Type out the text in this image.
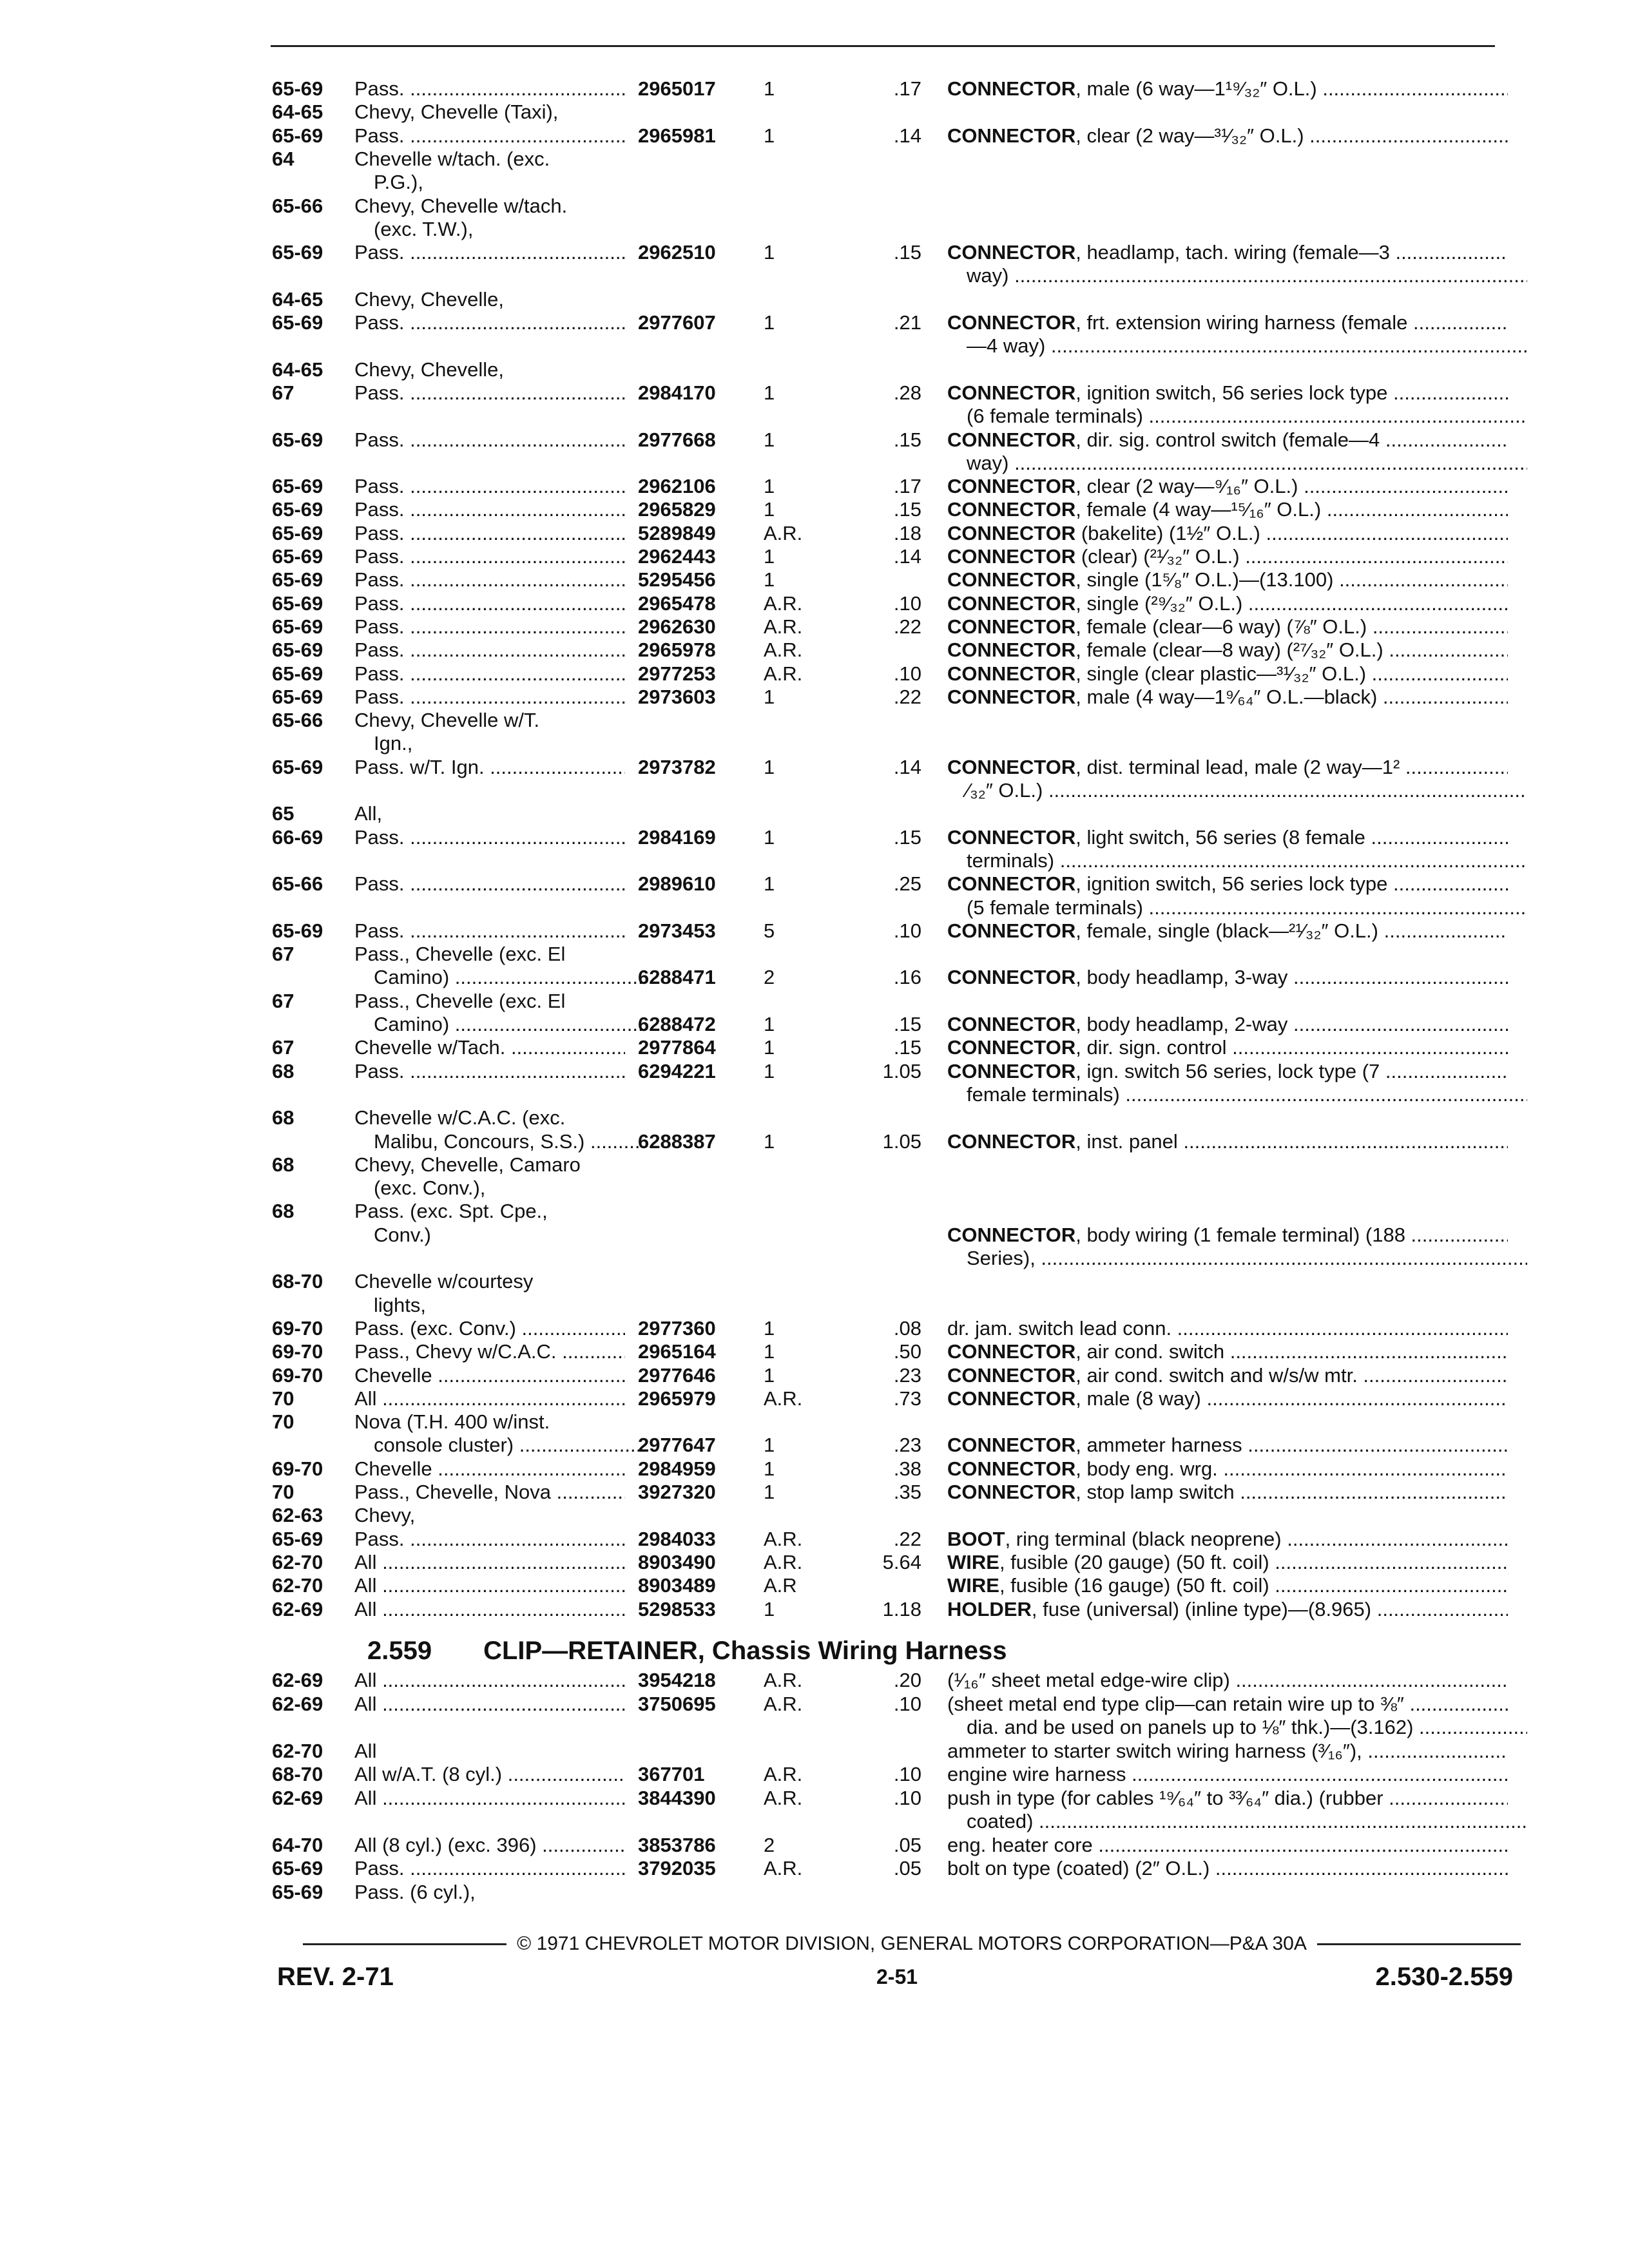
65-69	Pass. .....	2965017	1	.17 CONNECTOR, male (6 way—1¹⁹⁄₃₂″ O.L.) .....
64-65	Chevy, Chevelle (Taxi),
65-69	Pass. .....	2965981	1	.14 CONNECTOR, clear (2 way—³¹⁄₃₂″ O.L.) .....
64	Chevelle w/tach. (exc.
P.G.),
65-66	Chevy, Chevelle w/tach.
(exc. T.W.),
65-69	Pass. .....	2962510	1	.15 CONNECTOR, headlamp, tach. wiring (female—3 .....
way) .....
64-65	Chevy, Chevelle,
65-69	Pass. .....	2977607	1	.21 CONNECTOR, frt. extension wiring harness (female .....
—4 way) .....
64-65	Chevy, Chevelle,
67	Pass. .....	2984170	1	.28 CONNECTOR, ignition switch, 56 series lock type .....
(6 female terminals) .....
65-69	Pass. .....	2977668	1	.15 CONNECTOR, dir. sig. control switch (female—4 .....
way) .....
65-69	Pass. .....	2962106	1	.17 CONNECTOR, clear (2 way—⁹⁄₁₆″ O.L.) .....
65-69	Pass. .....	2965829	1	.15 CONNECTOR, female (4 way—¹⁵⁄₁₆″ O.L.) .....
65-69	Pass. .....	5289849	A.R.	.18 CONNECTOR (bakelite) (1½″ O.L.) .....
65-69	Pass. .....	2962443	1	.14 CONNECTOR (clear) (²¹⁄₃₂″ O.L.) .....
65-69	Pass. .....	5295456	1	CONNECTOR, single (1⁵⁄₈″ O.L.)—(13.100) .....
65-69	Pass. .....	2965478	A.R.	.10 CONNECTOR, single (²⁹⁄₃₂″ O.L.) .....
65-69	Pass. .....	2962630	A.R.	.22 CONNECTOR, female (clear—6 way) (⅞″ O.L.) .....
65-69	Pass. .....	2965978	A.R.	CONNECTOR, female (clear—8 way) (²⁷⁄₃₂″ O.L.) .....
65-69	Pass. .....	2977253	A.R.	.10 CONNECTOR, single (clear plastic—³¹⁄₃₂″ O.L.) .....
65-69	Pass. .....	2973603	1	.22 CONNECTOR, male (4 way—1⁹⁄₆₄″ O.L.—black) .....
65-66	Chevy, Chevelle w/T.
Ign.,
65-69	Pass. w/T. Ign. .....	2973782	1	.14 CONNECTOR, dist. terminal lead, male (2 way—1² .....
⁄₃₂″ O.L.) .....
65	All,
66-69	Pass. .....	2984169	1	.15 CONNECTOR, light switch, 56 series (8 female .....
terminals) .....
65-66	Pass. .....	2989610	1	.25 CONNECTOR, ignition switch, 56 series lock type .....
(5 female terminals) .....
65-69	Pass. .....	2973453	5	.10 CONNECTOR, female, single (black—²¹⁄₃₂″ O.L.) .....
67	Pass., Chevelle (exc. El
Camino) .....	6288471	2	.16 CONNECTOR, body headlamp, 3-way .....
67	Pass., Chevelle (exc. El
Camino) .....	6288472	1	.15 CONNECTOR, body headlamp, 2-way .....
67	Chevelle w/Tach. .....	2977864	1	.15 CONNECTOR, dir. sign. control .....
68	Pass. .....	6294221	1	1.05 CONNECTOR, ign. switch 56 series, lock type (7 .....
female terminals) .....
68	Chevelle w/C.A.C. (exc.
Malibu, Concours, S.S.) .....	6288387	1	1.05 CONNECTOR, inst. panel .....
68	Chevy, Chevelle, Camaro
(exc. Conv.),
68	Pass. (exc. Spt. Cpe.,
Conv.)	CONNECTOR, body wiring (1 female terminal) (188 .....
Series), .....
68-70	Chevelle w/courtesy
lights,
69-70	Pass. (exc. Conv.) .....	2977360	1	.08 dr. jam. switch lead conn. .....
69-70	Pass., Chevy w/C.A.C. .....	2965164	1	.50 CONNECTOR, air cond. switch .....
69-70	Chevelle .....	2977646	1	.23 CONNECTOR, air cond. switch and w/s/w mtr. .....
70	All .....	2965979	A.R.	.73 CONNECTOR, male (8 way) .....
70	Nova (T.H. 400 w/inst.
console cluster) .....	2977647	1	.23 CONNECTOR, ammeter harness .....
69-70	Chevelle .....	2984959	1	.38 CONNECTOR, body eng. wrg. .....
70	Pass., Chevelle, Nova .....	3927320	1	.35 CONNECTOR, stop lamp switch .....
62-63	Chevy,
65-69	Pass. .....	2984033	A.R.	.22 BOOT, ring terminal (black neoprene) .....
62-70	All .....	8903490	A.R.	5.64 WIRE, fusible (20 gauge) (50 ft. coil) .....
62-70	All .....	8903489	A.R	WIRE, fusible (16 gauge) (50 ft. coil) .....
62-69	All .....	5298533	1	1.18 HOLDER, fuse (universal) (inline type)—(8.965) .....
2.559 CLIP—RETAINER, Chassis Wiring Harness
62-69	All .....	3954218	A.R.	.20 (¹⁄₁₆″ sheet metal edge-wire clip) .....
62-69	All .....	3750695	A.R.	.10 (sheet metal end type clip—can retain wire up to ⅜″ .....
dia. and be used on panels up to ⅛″ thk.)—(3.162) .....
62-70	All	ammeter to starter switch wiring harness (³⁄₁₆″), .....
68-70	All w/A.T. (8 cyl.) .....	367701	A.R.	.10 engine wire harness .....
62-69	All .....	3844390	A.R.	.10 push in type (for cables ¹⁹⁄₆₄″ to ³³⁄₆₄″ dia.) (rubber .....
coated) .....
64-70	All (8 cyl.) (exc. 396) .....	3853786	2	.05 eng. heater core .....
65-69	Pass. .....	3792035	A.R.	.05 bolt on type (coated) (2″ O.L.) .....
65-69	Pass. (6 cyl.),
© 1971 CHEVROLET MOTOR DIVISION, GENERAL MOTORS CORPORATION—P&A 30A
REV. 2-71	2-51	2.530-2.559
